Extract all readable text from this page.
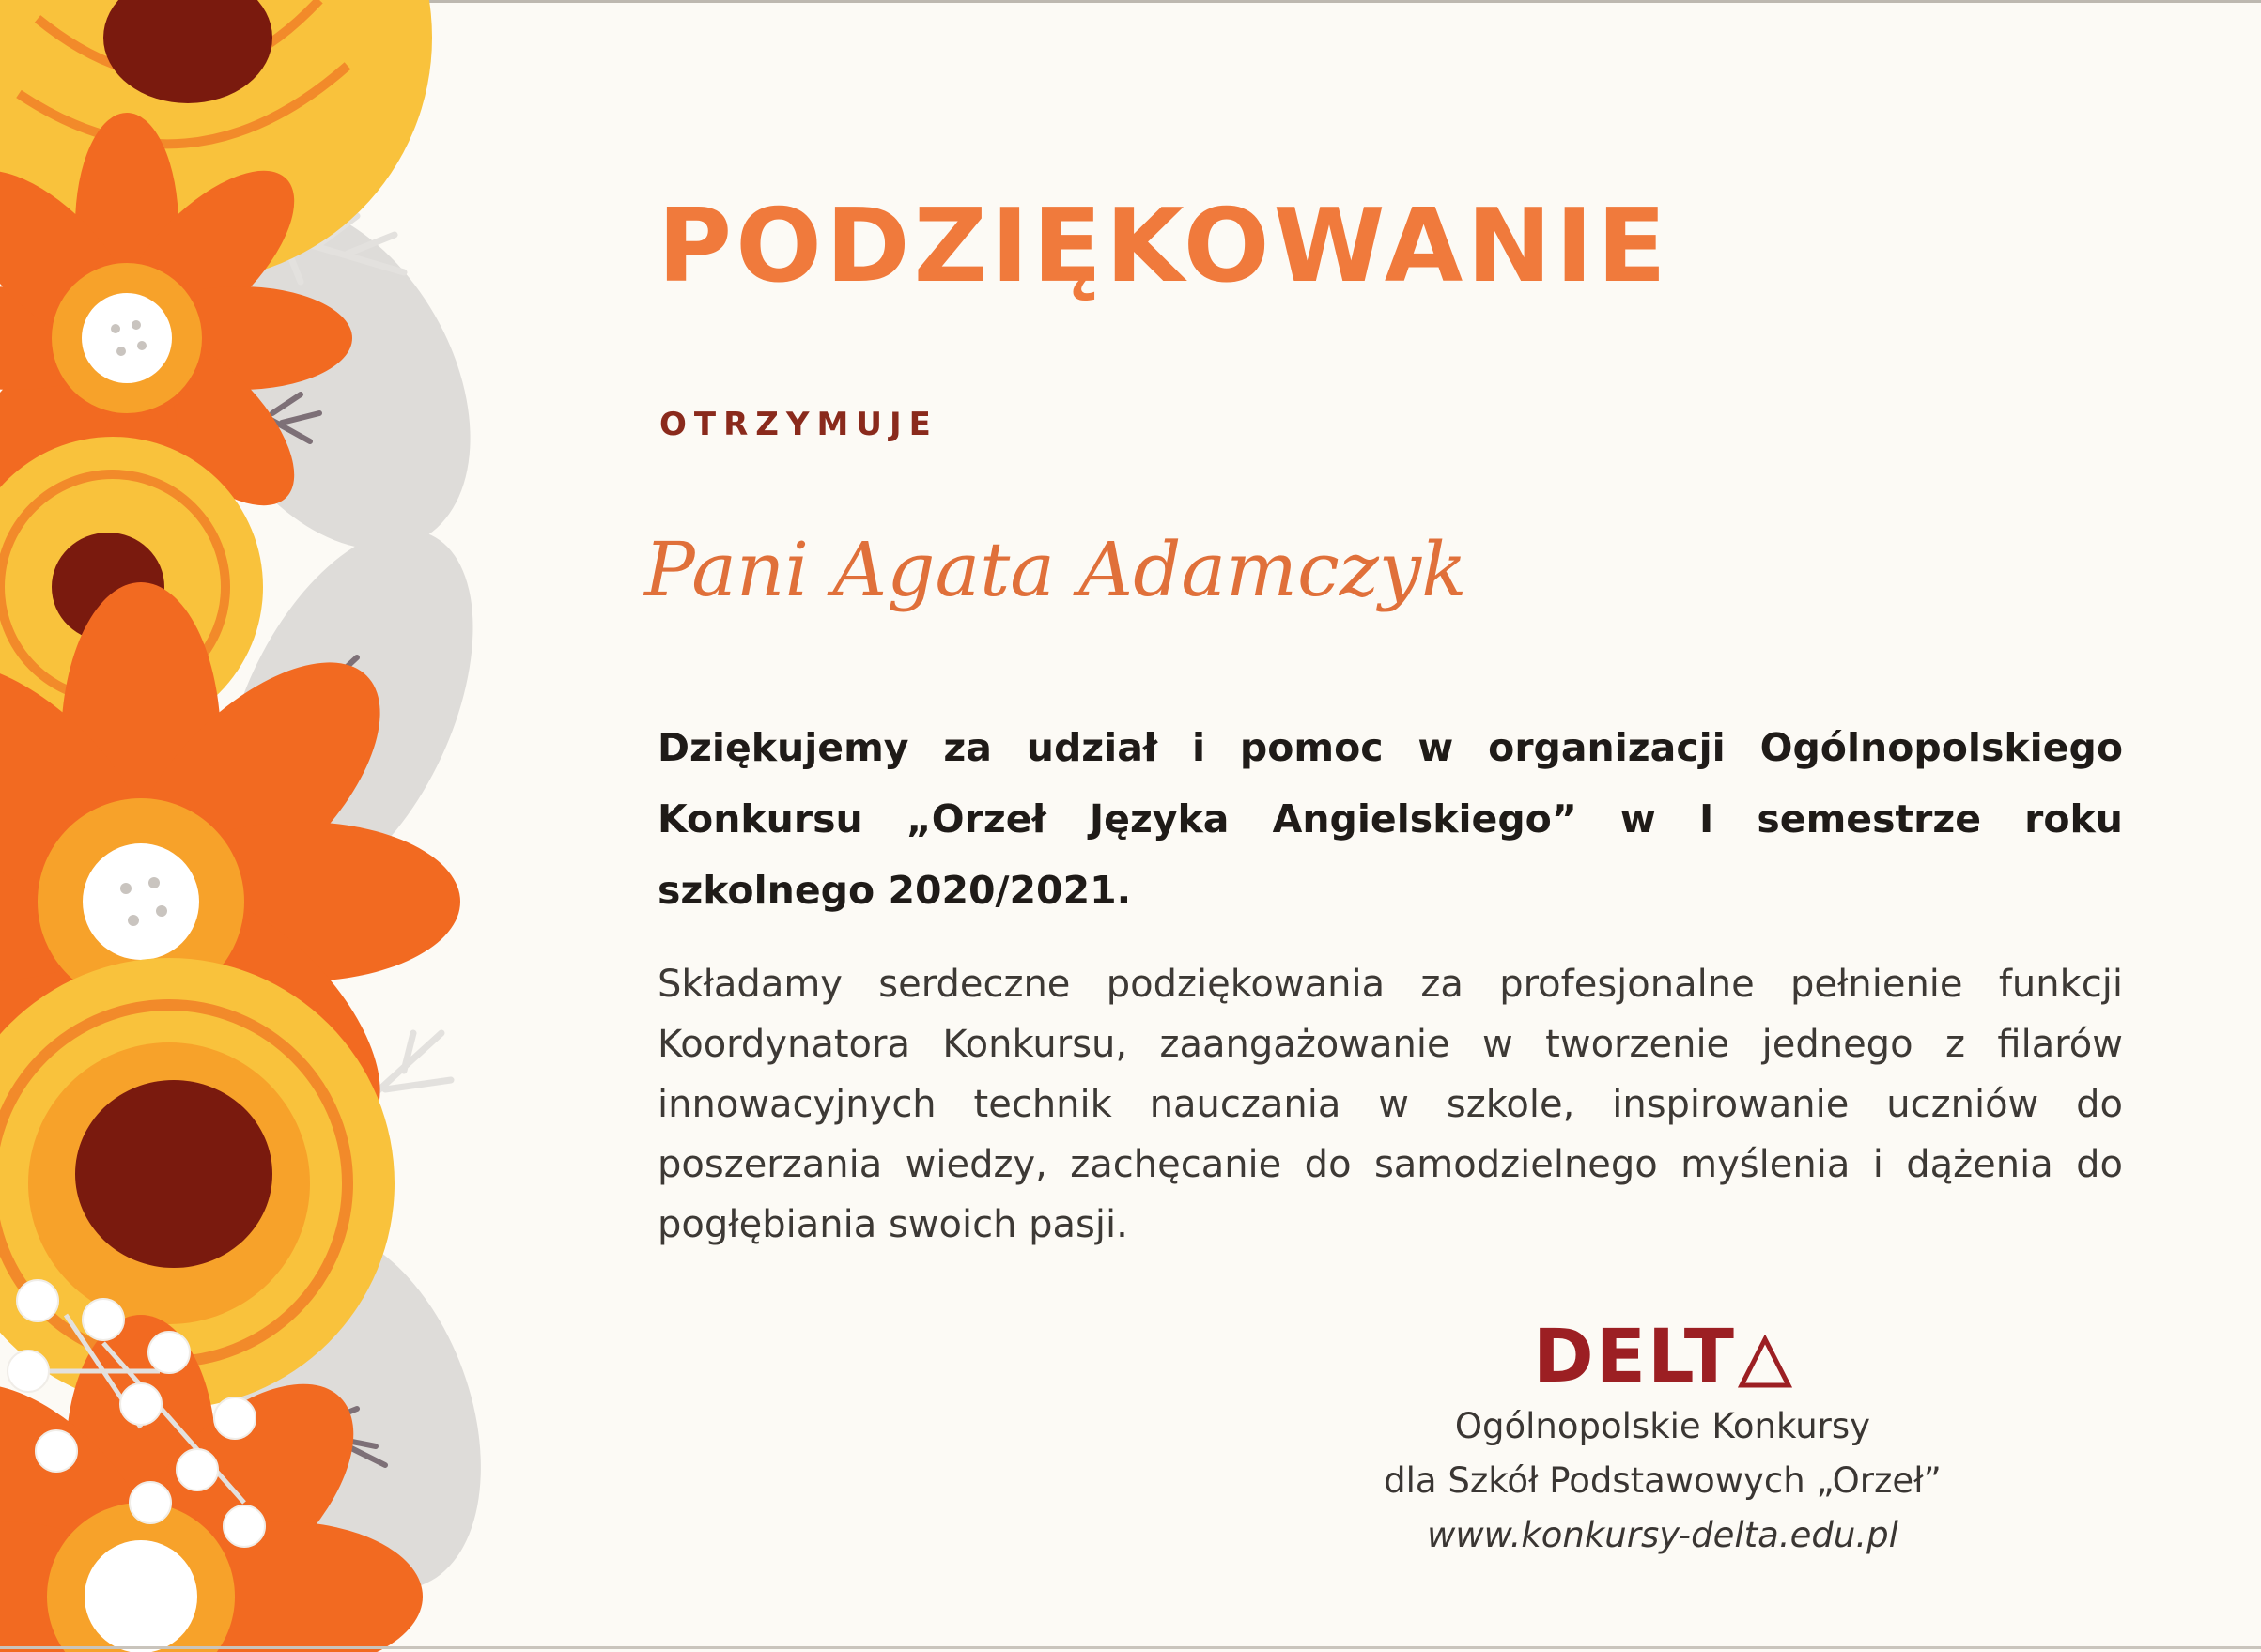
PODZIĘKOWANIE
OTRZYMUJE
Pani Agata Adamczyk
Dziękujemy za udział i pomoc w organizacji Ogólnopolskiego Konkursu „Orzeł Języka Angielskiego” w I semestrze roku szkolnego 2020/2021.
Składamy serdeczne podziękowania za profesjonalne pełnienie funkcji Koordynatora Konkursu, zaangażowanie w tworzenie jednego z filarów innowacyjnych technik nauczania w szkole, inspirowanie uczniów do poszerzania wiedzy, zachęcanie do samodzielnego myślenia i dążenia do pogłębiania swoich pasji.
DELT
Ogólnopolskie Konkursy
dla Szkół Podstawowych „Orzeł”
www.konkursy-delta.edu.pl
